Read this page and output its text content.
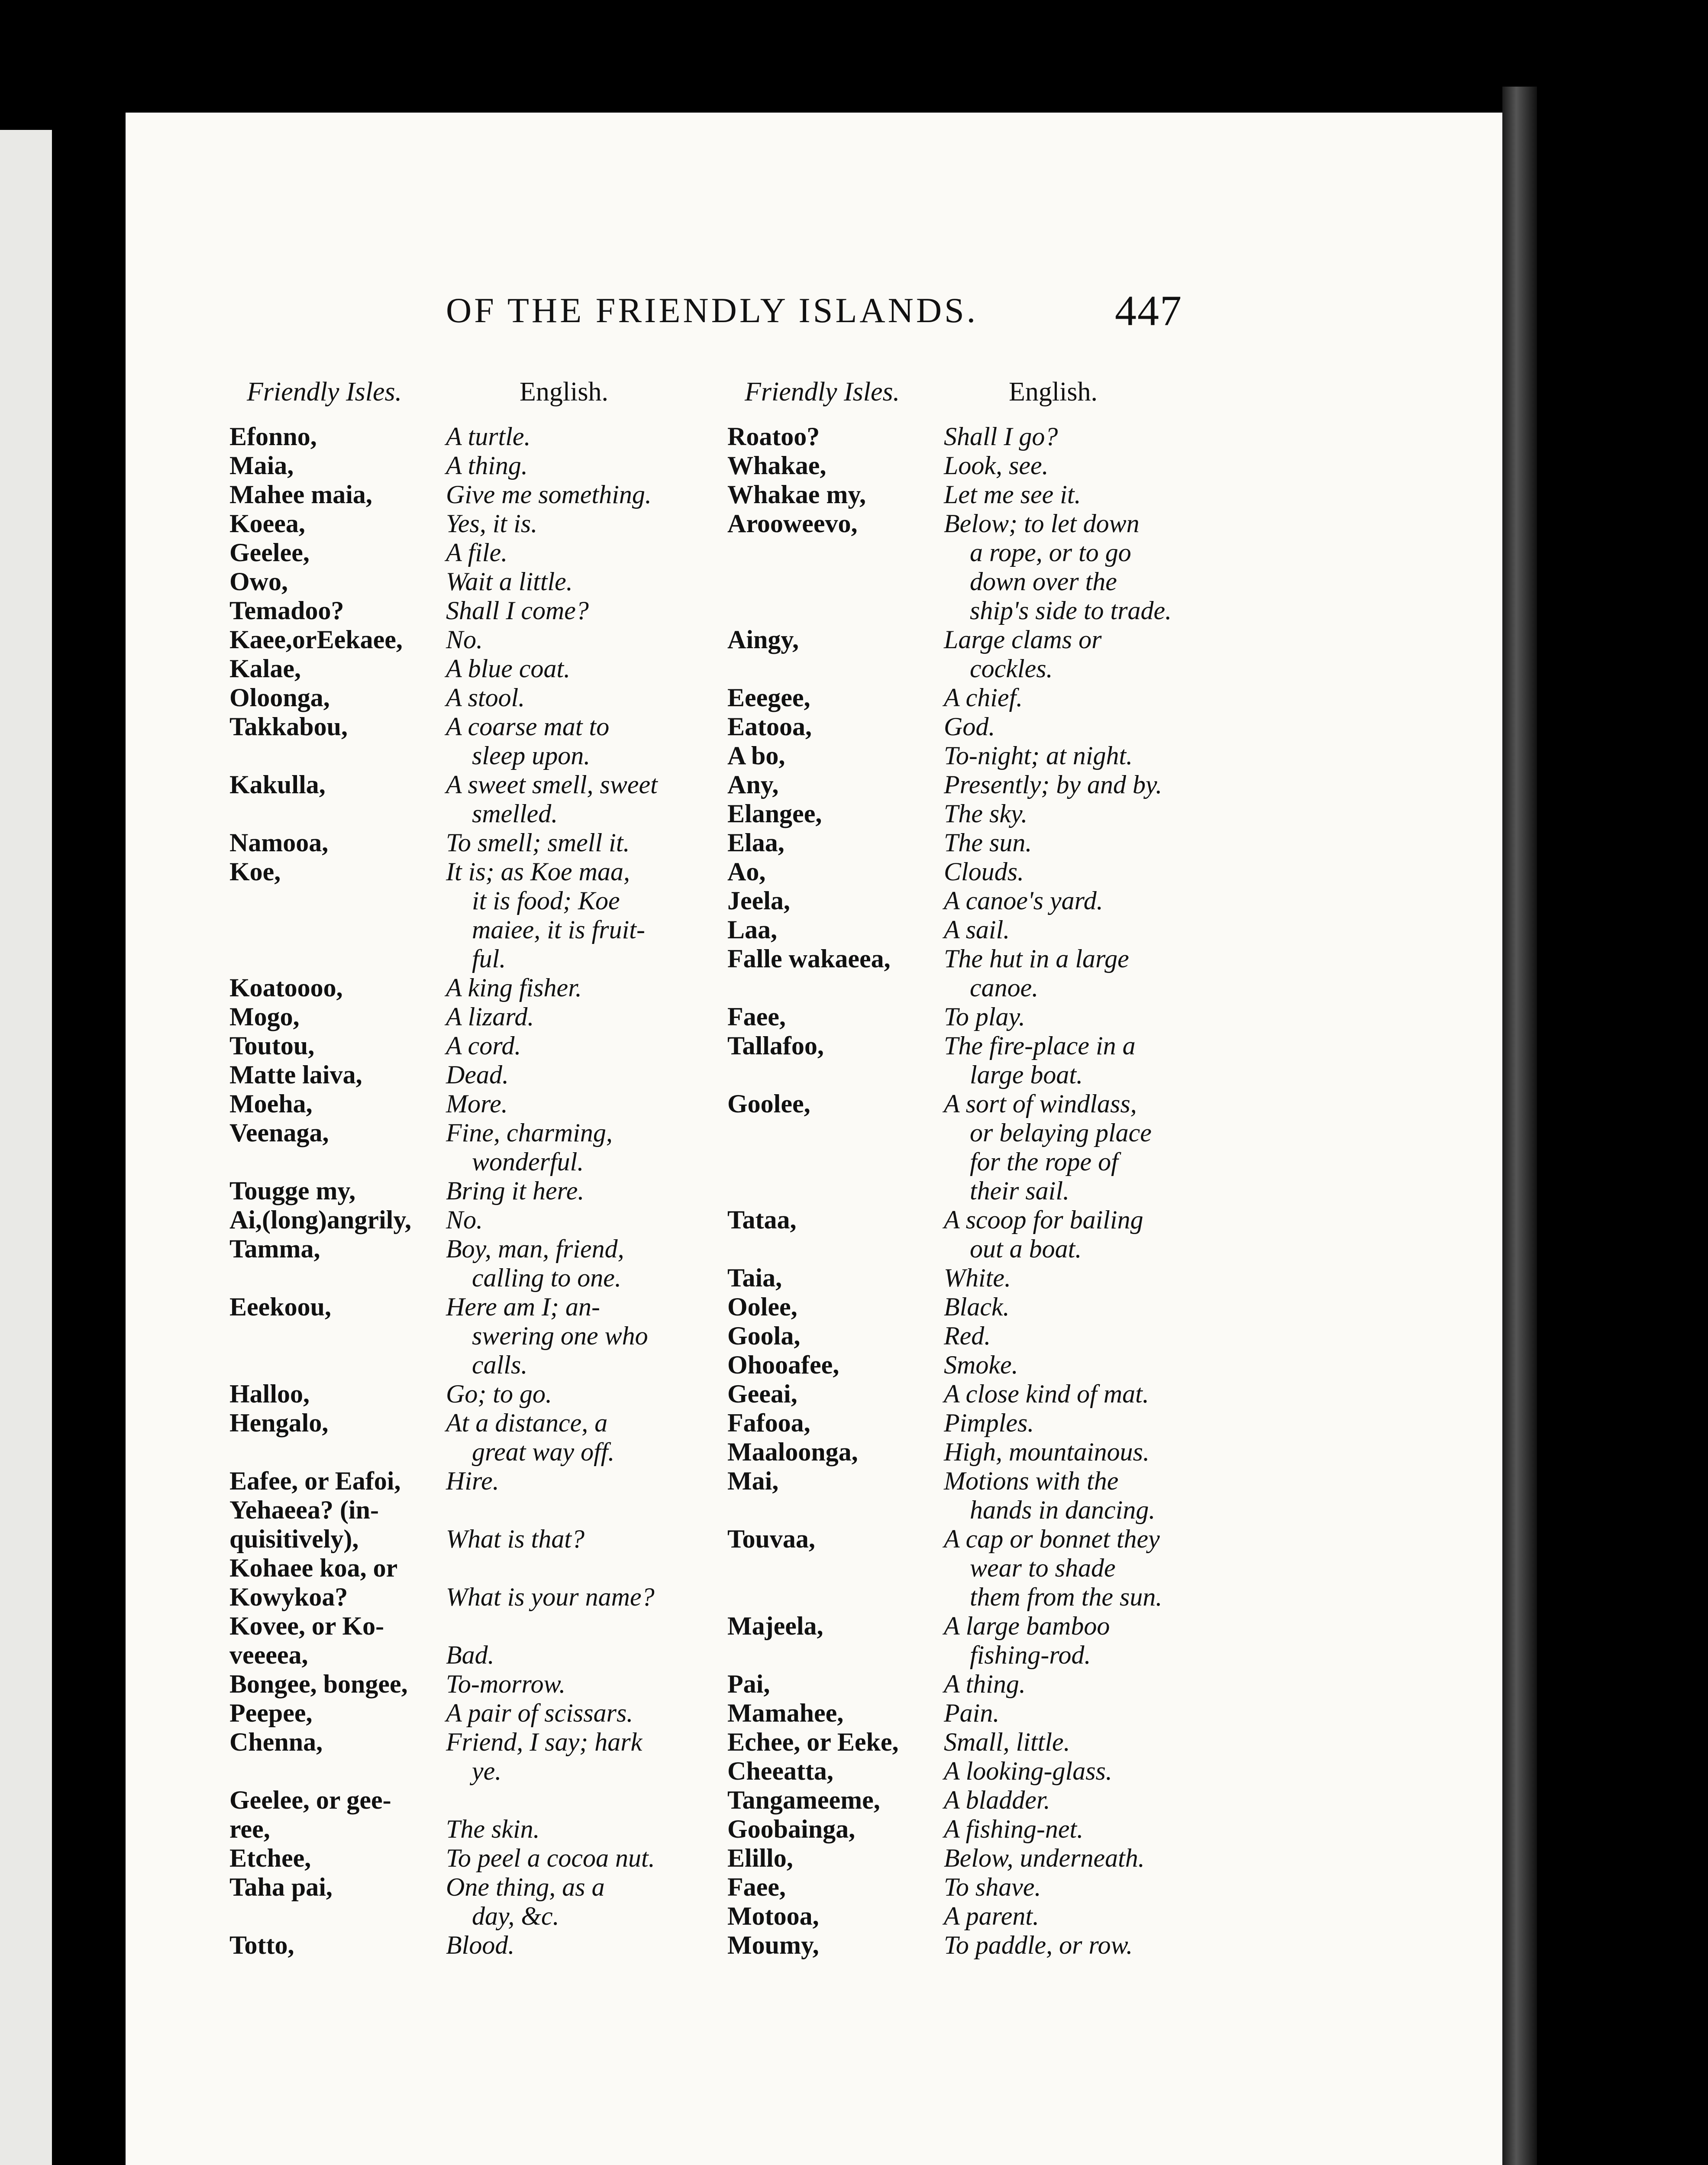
OF THE FRIENDLY ISLANDS.	447
Friendly Isles.	English.	Friendly Isles.	English.
Efonno,	A turtle.
Maia,	A thing.
Mahee maia,	Give me something.
Koeea,	Yes, it is.
Geelee,	A file.
Owo,	Wait a little.
Temadoo?	Shall I come?
Kaee,orEekaee, No.
Kalae,	A blue coat.
Oloonga,	A stool.
Takkabou,	A coarse mat to
sleep upon.
Kakulla,	A sweet smell, sweet
smelled.
Namooa,	To smell; smell it.
Koe,	It is; as Koe maa,
it is food; Koe
maiee, it is fruit-
ful.
Koatoooo,	A king fisher.
Mogo,	A lizard.
Toutou,	A cord.
Matte laiva,	Dead.
Moeha,	More.
Veenaga,	Fine, charming,
wonderful.
Tougge my,	Bring it here.
Ai,(long)angrily, No.
Tamma,	Boy, man, friend,
calling to one.
Eeekoou,	Here am I; an-
swering one who
calls.
Halloo,	Go; to go.
Hengalo,	At a distance, a
great way off.
Eafee, or Eafoi, Hire.
Yehaeea? (in-
quisitively),	What is that?
Kohaee koa, or
Kowykoa?	What is your name?
Kovee, or Ko-
veeeea,	Bad.
Bongee, bongee, To-morrow.
Peepee,	A pair of scissars.
Chenna,	Friend, I say; hark
ye.
Geelee, or gee-
ree,	The skin.
Etchee,	To peel a cocoa nut.
Taha pai,	One thing, as a
day, &c.
Totto,	Blood.
Roatoo?	Shall I go?
Whakae,	Look, see.
Whakae my,	Let me see it.
Arooweevo,	Below; to let down
a rope, or to go
down over the
ship's side to trade.
Aingy,	Large clams or
cockles.
Eeegee,	A chief.
Eatooa,	God.
A bo,	To-night; at night.
Any,	Presently; by and by.
Elangee,	The sky.
Elaa,	The sun.
Ao,	Clouds.
Jeela,	A canoe's yard.
Laa,	A sail.
Falle wakaeea, The hut in a large
canoe.
Faee,	To play.
Tallafoo,	The fire-place in a
large boat.
Goolee,	A sort of windlass,
or belaying place
for the rope of
their sail.
Tataa,	A scoop for bailing
out a boat.
Taia,	White.
Oolee,	Black.
Goola,	Red.
Ohooafee,	Smoke.
Geeai,	A close kind of mat.
Fafooa,	Pimples.
Maaloonga,	High, mountainous.
Mai,	Motions with the
hands in dancing.
Touvaa,	A cap or bonnet they
wear to shade
them from the sun.
Majeela,	A large bamboo
fishing-rod.
Pai,	A thing.
Mamahee,	Pain.
Echee, or Eeke, Small, little.
Cheeatta,	A looking-glass.
Tangameeme, A bladder.
Goobainga,	A fishing-net.
Elillo,	Below, underneath.
Faee,	To shave.
Motooa,	A parent.
Moumy,	To paddle, or row.
